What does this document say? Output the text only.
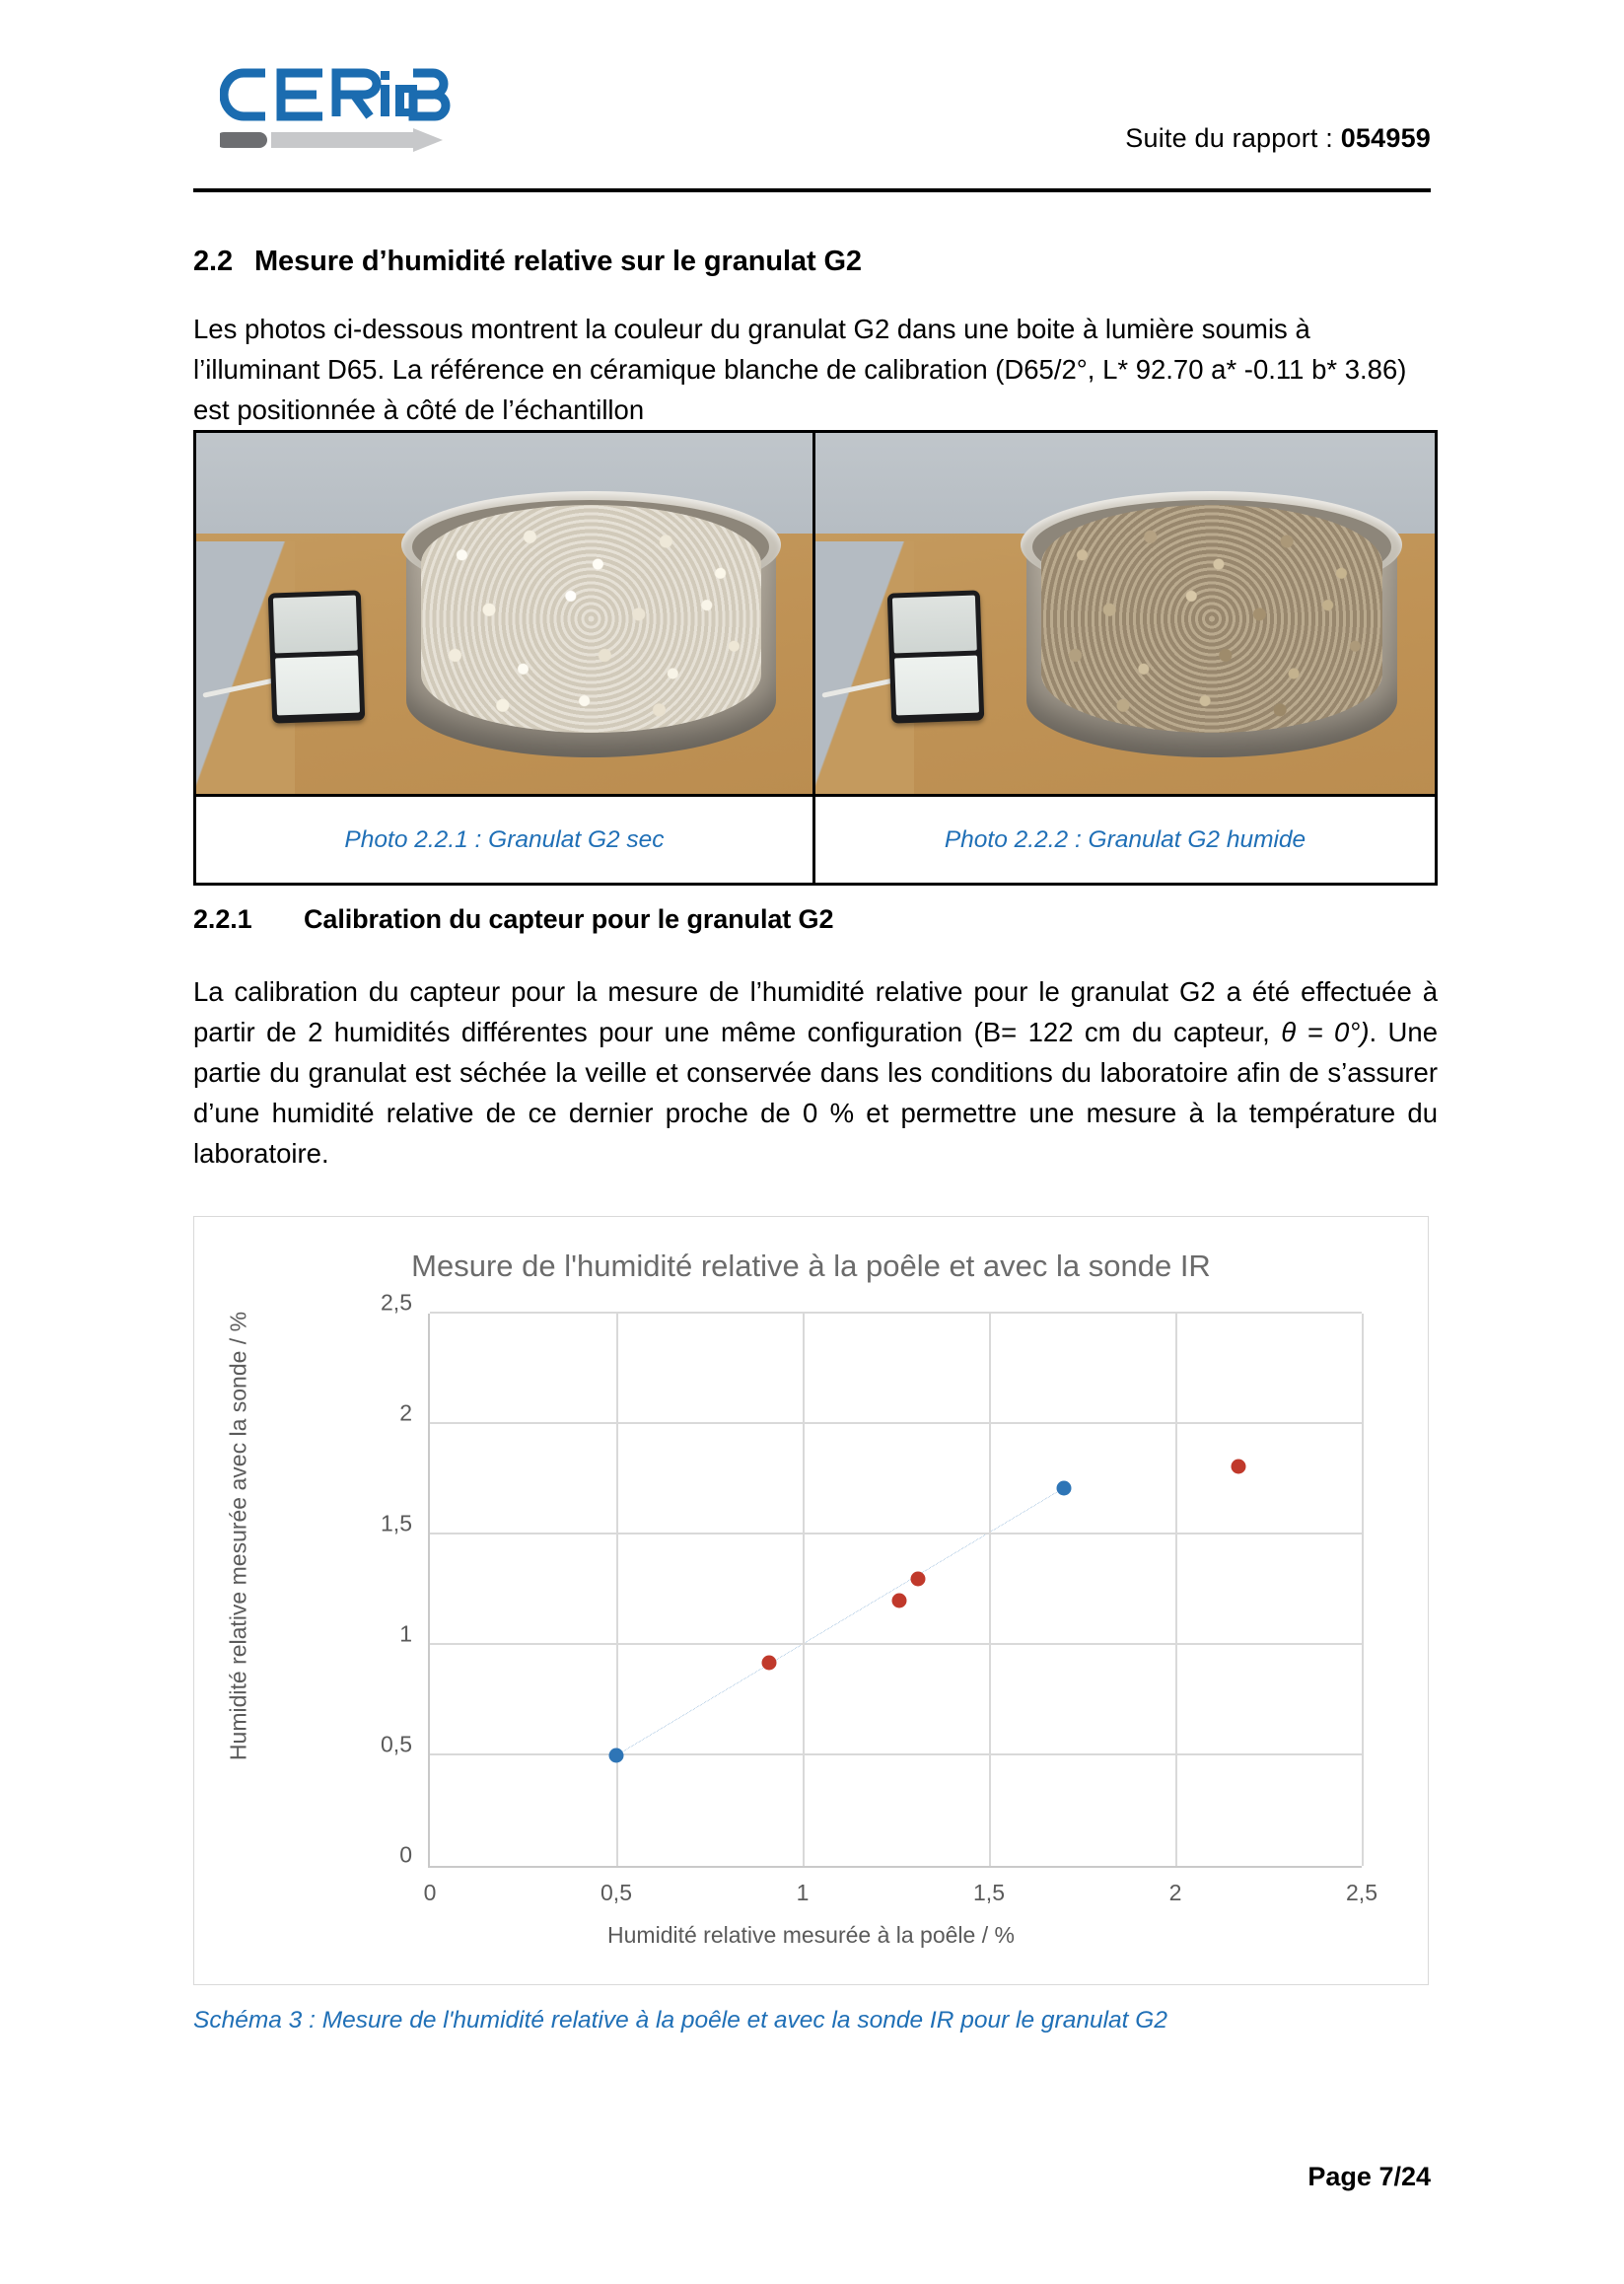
Suite du rapport : 054959
2.2 Mesure d’humidité relative sur le granulat G2
Les photos ci-dessous montrent la couleur du granulat G2 dans une boite à lumière soumis à l’illuminant D65. La référence en céramique blanche de calibration (D65/2°, L* 92.70 a* -0.11 b* 3.86) est positionnée à côté de l’échantillon
Photo 2.2.1 : Granulat G2 sec	Photo 2.2.2 : Granulat G2 humide
2.2.1 Calibration du capteur pour le granulat G2
La calibration du capteur pour la mesure de l’humidité relative pour le granulat G2 a été effectuée à partir de 2 humidités différentes pour une même configuration (B= 122 cm du capteur, θ = 0°). Une partie du granulat est séchée la veille et conservée dans les conditions du laboratoire afin de s’assurer d’une humidité relative de ce dernier proche de 0 % et permettre une mesure à la température du laboratoire.
Mesure de l'humidité relative à la poêle et avec la sonde IR
Humidité relative mesurée avec la sonde / %
Humidité relative mesurée à la poêle / %
0
0,5
1
1,5
2
2,5
0	0,5	1	1,5	2	2,5
Schéma 3 : Mesure de l'humidité relative à la poêle et avec la sonde IR pour le granulat G2
Page 7/24
